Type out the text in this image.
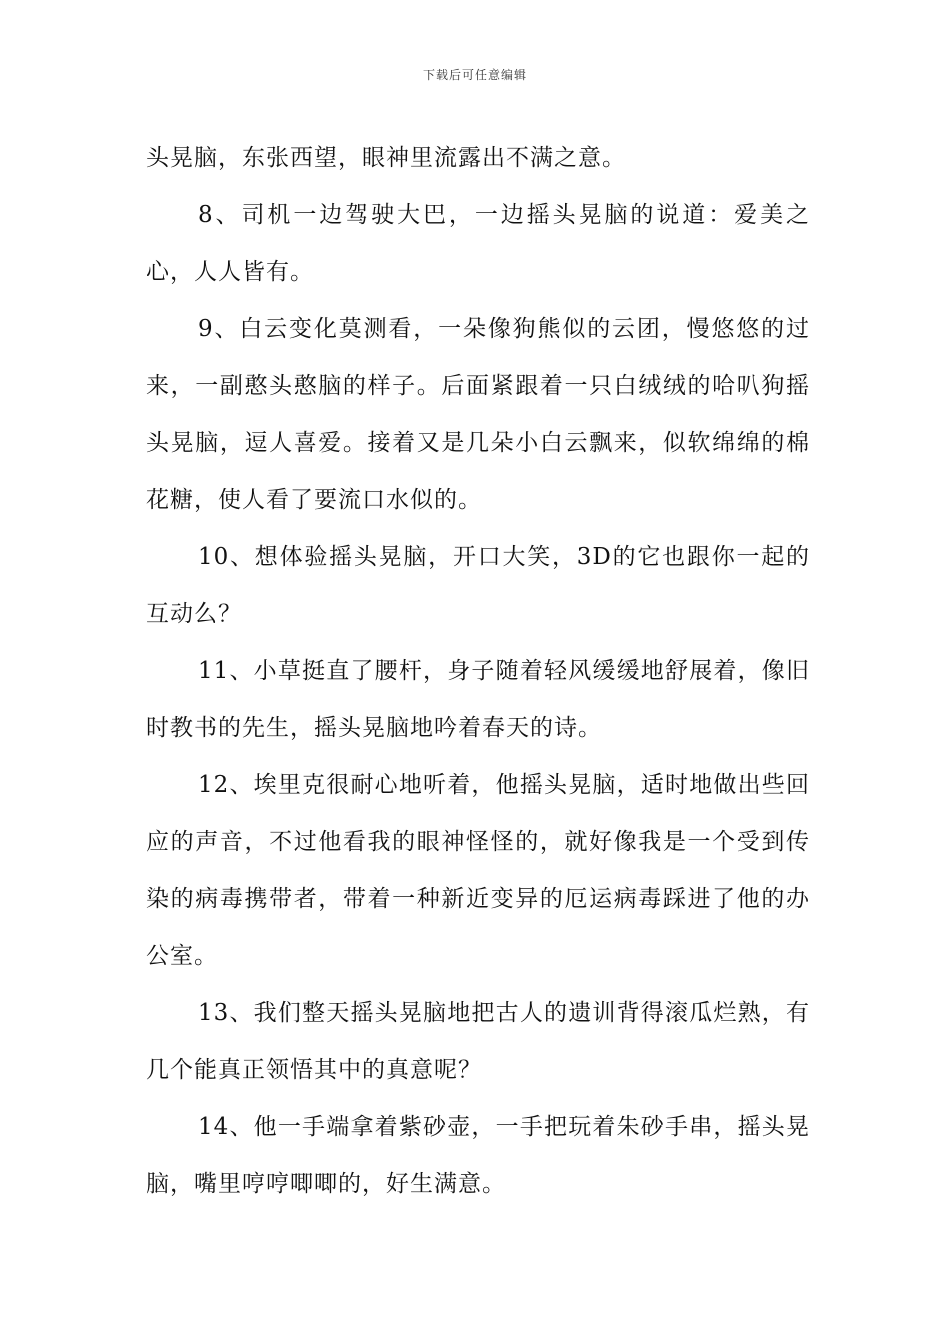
下载后可任意编辑

头晃脑，东张西望，眼神里流露出不满之意。

8、司机一边驾驶大巴，一边摇头晃脑的说道：爱美之心，人人皆有。

9、白云变化莫测看，一朵像狗熊似的云团，慢悠悠的过来，一副憨头憨脑的样子。后面紧跟着一只白绒绒的哈叭狗摇头晃脑，逗人喜爱。接着又是几朵小白云飘来，似软绵绵的棉花糖，使人看了要流口水似的。

10、想体验摇头晃脑，开口大笑，3D的它也跟你一起的互动么？

11、小草挺直了腰杆，身子随着轻风缓缓地舒展着，像旧时教书的先生，摇头晃脑地吟着春天的诗。

12、埃里克很耐心地听着，他摇头晃脑，适时地做出些回应的声音，不过他看我的眼神怪怪的，就好像我是一个受到传染的病毒携带者，带着一种新近变异的厄运病毒踩进了他的办公室。

13、我们整天摇头晃脑地把古人的遗训背得滚瓜烂熟，有几个能真正领悟其中的真意呢？

14、他一手端拿着紫砂壶，一手把玩着朱砂手串，摇头晃脑，嘴里哼哼唧唧的，好生满意。
